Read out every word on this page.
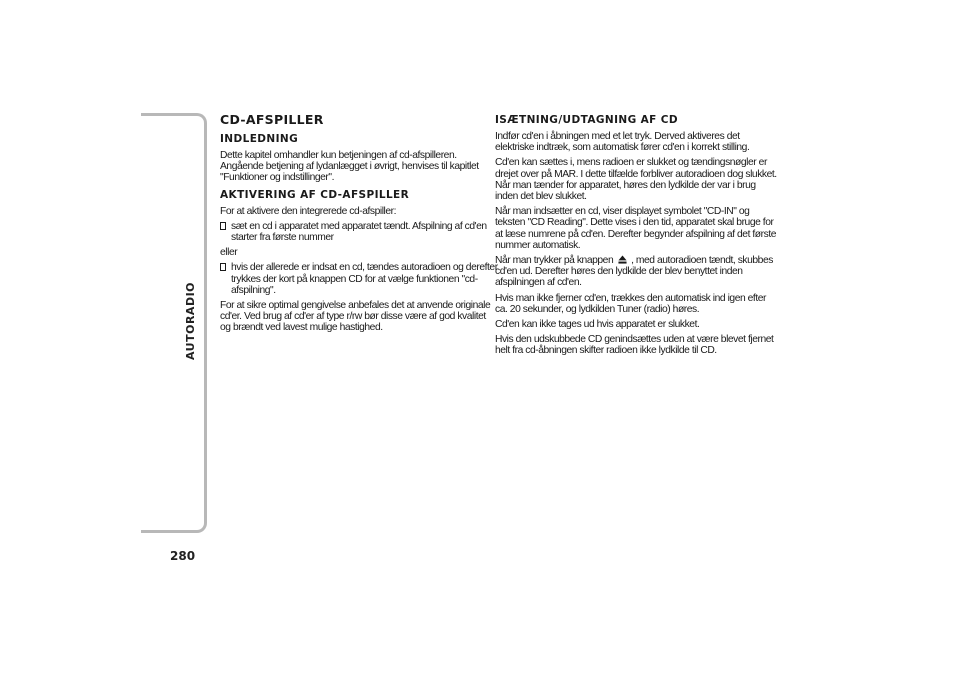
AUTORADIO
280
CD-AFSPILLER
INDLEDNING
Dette kapitel omhandler kun betjeningen af cd-afspilleren. Angående betjening af lydanlægget i øvrigt, henvises til kapitlet "Funktioner og indstillinger".
AKTIVERING AF CD-AFSPILLER
For at aktivere den integrerede cd-afspiller:
sæt en cd i apparatet med apparatet tændt. Afspilning af cd'en starter fra første nummer
eller
hvis der allerede er indsat en cd, tændes autoradioen og derefter trykkes der kort på knappen CD for at vælge funktionen "cd-afspilning".
For at sikre optimal gengivelse anbefales det at anvende originale cd'er. Ved brug af cd'er af type r/rw bør disse være af god kvalitet og brændt ved lavest mulige hastighed.
ISÆTNING/UDTAGNING AF CD
Indfør cd'en i åbningen med et let tryk. Derved aktiveres det elektriske indtræk, som automatisk fører cd'en i korrekt stilling.
Cd'en kan sættes i, mens radioen er slukket og tændingsnøgler er drejet over på MAR. I dette tilfælde forbliver autoradioen dog slukket. Når man tænder for apparatet, høres den lydkilde der var i brug inden det blev slukket.
Når man indsætter en cd, viser displayet symbolet "CD-IN" og teksten "CD Reading". Dette vises i den tid, apparatet skal bruge for at læse numrene på cd'en. Derefter begynder afspilning af det første nummer automatisk.
Når man trykker på knappen , med autoradioen tændt, skubbes cd'en ud. Derefter høres den lydkilde der blev benyttet inden afspilningen af cd'en.
Hvis man ikke fjerner cd'en, trækkes den automatisk ind igen efter ca. 20 sekunder, og lydkilden Tuner (radio) høres.
Cd'en kan ikke tages ud hvis apparatet er slukket.
Hvis den udskubbede CD genindsættes uden at være blevet fjernet helt fra cd-åbningen skifter radioen ikke lydkilde til CD.
